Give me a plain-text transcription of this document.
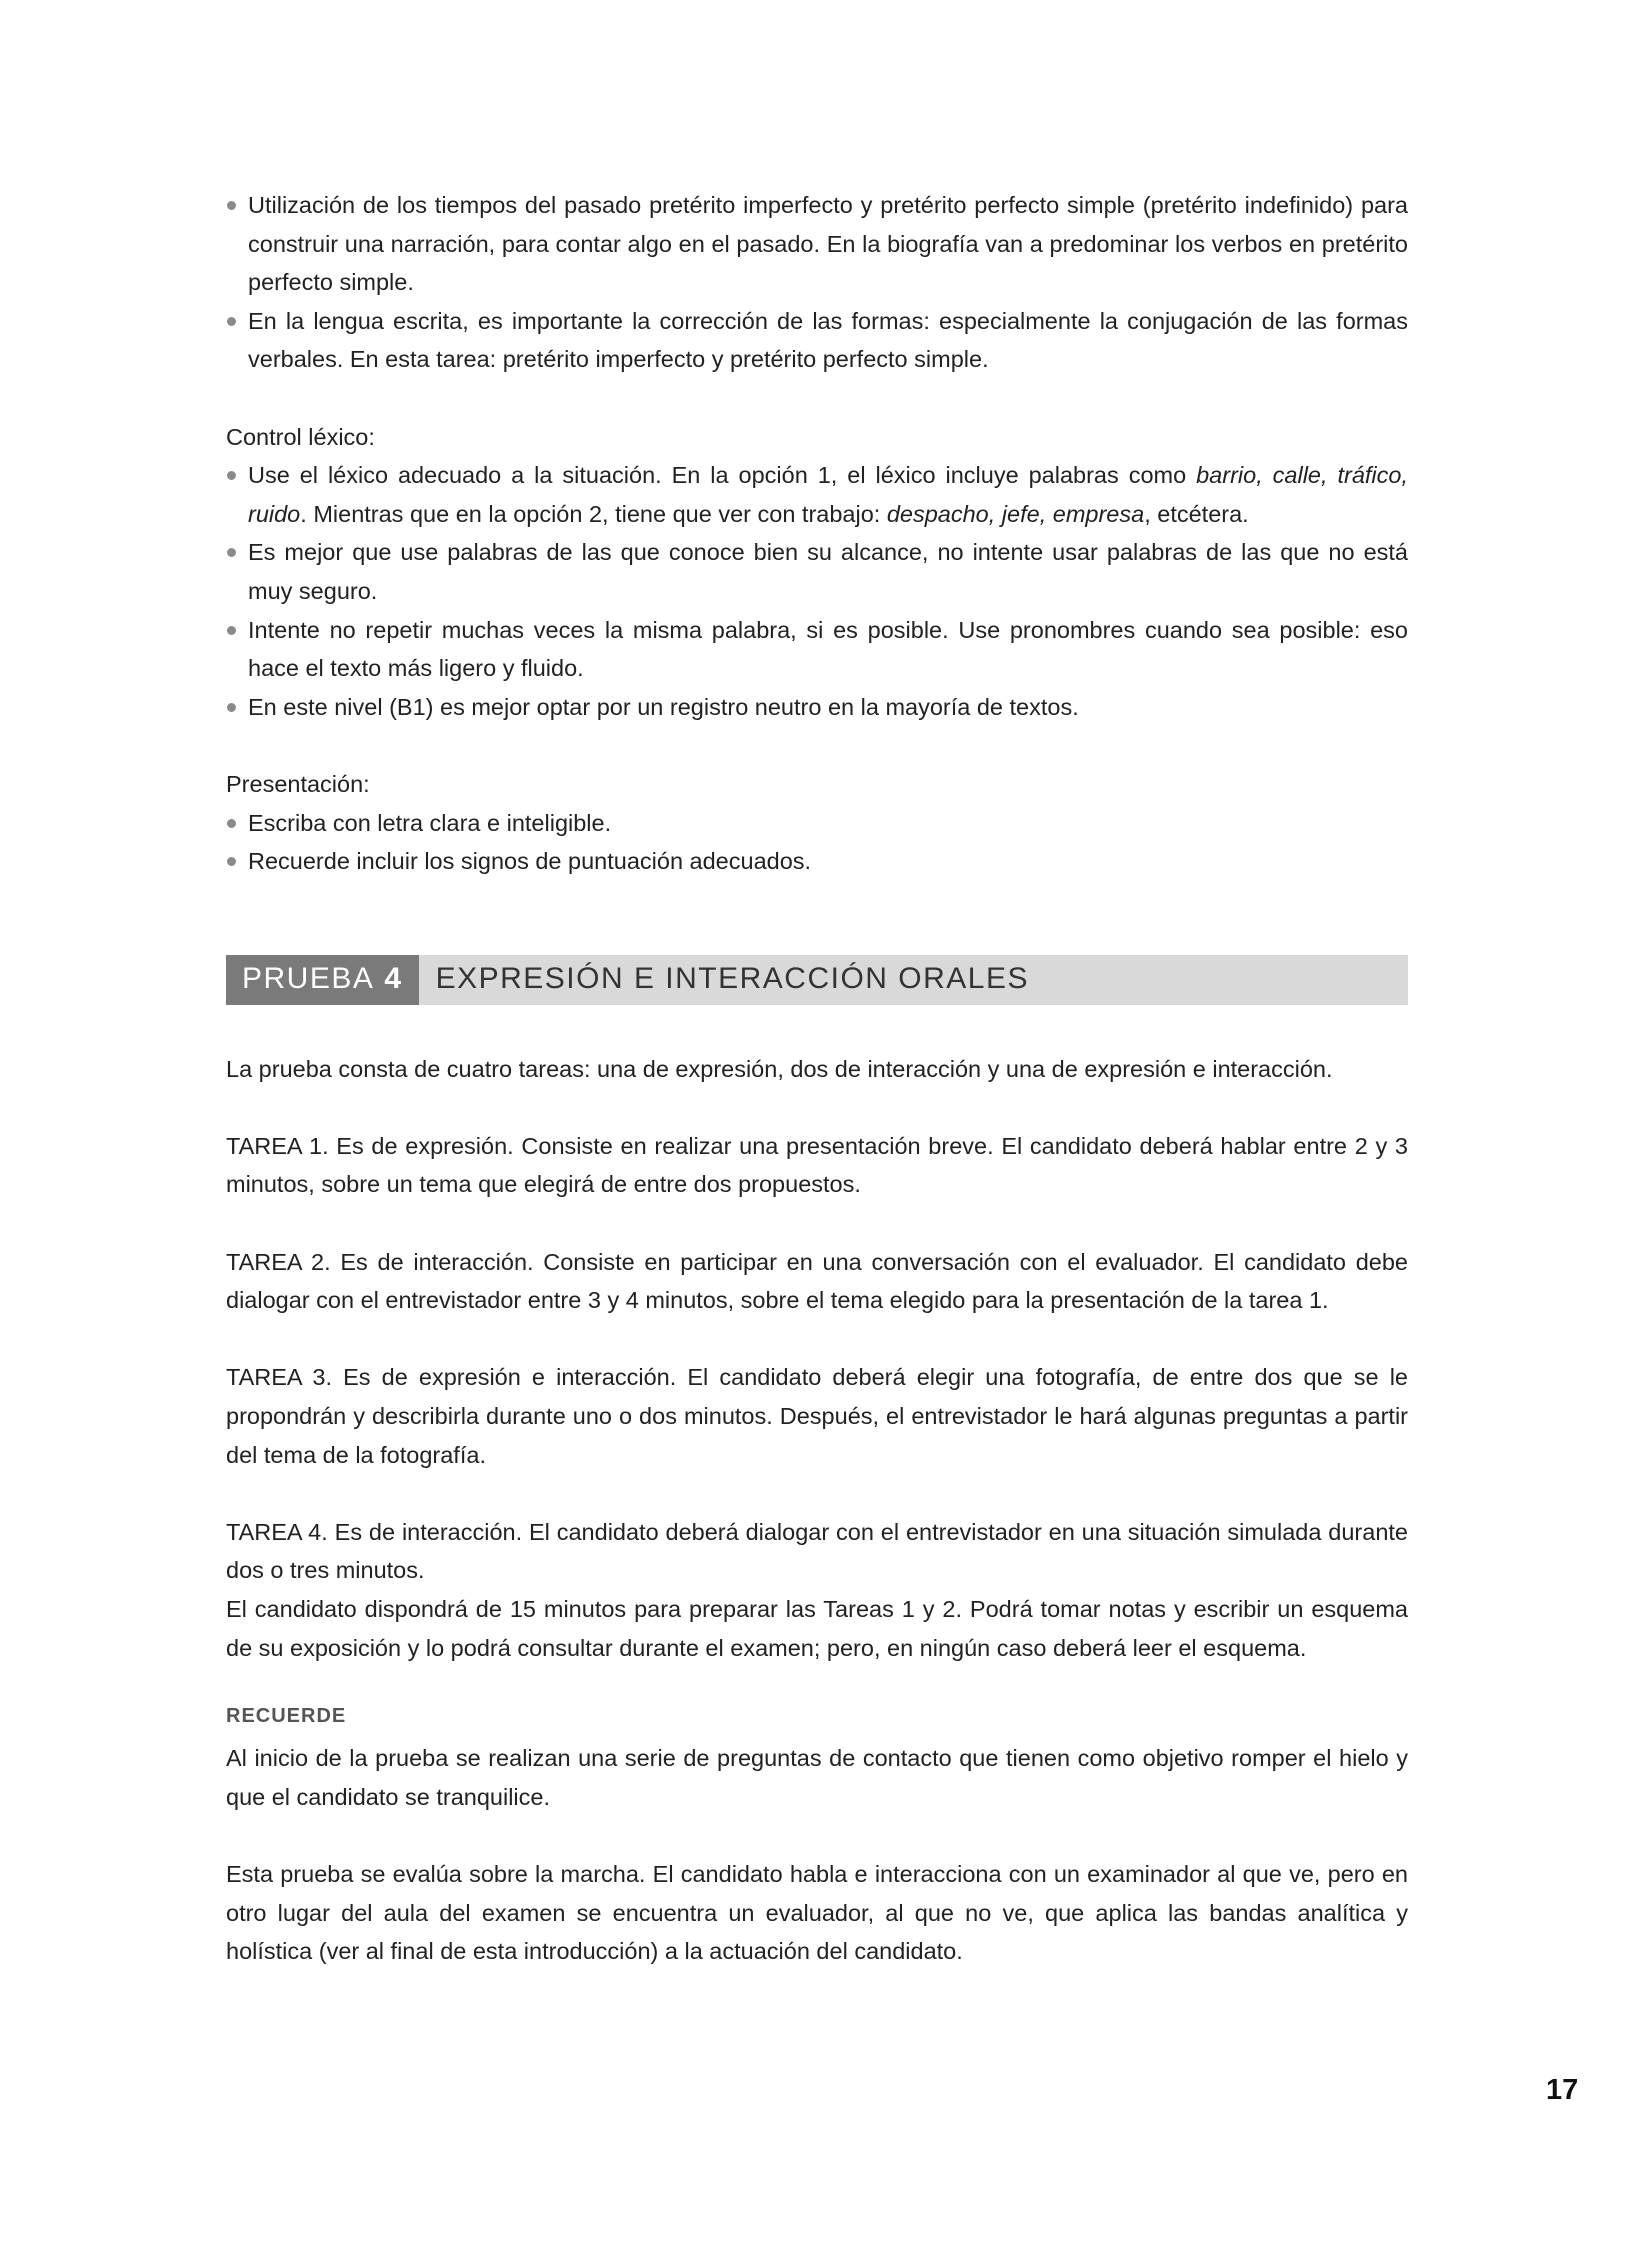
Utilización de los tiempos del pasado pretérito imperfecto y pretérito perfecto simple (pretérito indefinido) para construir una narración, para contar algo en el pasado. En la biografía van a predominar los verbos en pretérito perfecto simple.
En la lengua escrita, es importante la corrección de las formas: especialmente la conjugación de las formas verbales. En esta tarea: pretérito imperfecto y pretérito perfecto simple.

Control léxico:

Use el léxico adecuado a la situación. En la opción 1, el léxico incluye palabras como barrio, calle, tráfico, ruido. Mientras que en la opción 2, tiene que ver con trabajo: despacho, jefe, empresa, etcétera.
Es mejor que use palabras de las que conoce bien su alcance, no intente usar palabras de las que no está muy seguro.
Intente no repetir muchas veces la misma palabra, si es posible. Use pronombres cuando sea posible: eso hace el texto más ligero y fluido.
En este nivel (B1) es mejor optar por un registro neutro en la mayoría de textos.

Presentación:

Escriba con letra clara e inteligible.
Recuerde incluir los signos de puntuación adecuados.
PRUEBA 4	EXPRESIÓN E INTERACCIÓN ORALES

La prueba consta de cuatro tareas: una de expresión, dos de interacción y una de expresión e interacción.

TAREA 1. Es de expresión. Consiste en realizar una presentación breve. El candidato deberá hablar entre 2 y 3 minutos, sobre un tema que elegirá de entre dos propuestos.

TAREA 2. Es de interacción. Consiste en participar en una conversación con el evaluador. El candidato debe dialogar con el entrevistador entre 3 y 4 minutos, sobre el tema elegido para la presentación de la tarea 1.

TAREA 3. Es de expresión e interacción. El candidato deberá elegir una fotografía, de entre dos que se le propondrán y describirla durante uno o dos minutos. Después, el entrevistador le hará algunas preguntas a partir del tema de la fotografía.

TAREA 4. Es de interacción. El candidato deberá dialogar con el entrevistador en una situación simulada durante dos o tres minutos.

El candidato dispondrá de 15 minutos para preparar las Tareas 1 y 2. Podrá tomar notas y escribir un esquema de su exposición y lo podrá consultar durante el examen; pero, en ningún caso deberá leer el esquema.

RECUERDE

Al inicio de la prueba se realizan una serie de preguntas de contacto que tienen como objetivo romper el hielo y que el candidato se tranquilice.

Esta prueba se evalúa sobre la marcha. El candidato habla e interacciona con un examinador al que ve, pero en otro lugar del aula del examen se encuentra un evaluador, al que no ve, que aplica las bandas analítica y holística (ver al final de esta introducción) a la actuación del candidato.

17
